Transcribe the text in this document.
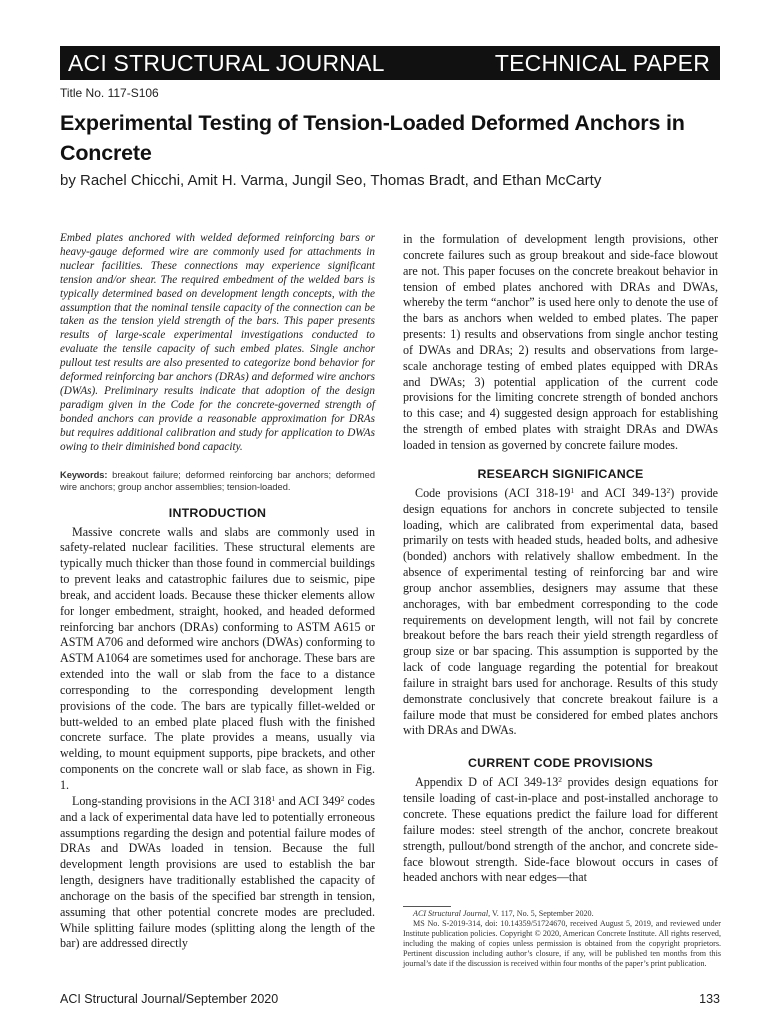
ACI STRUCTURAL JOURNAL	TECHNICAL PAPER
Title No. 117-S106
Experimental Testing of Tension-Loaded Deformed Anchors in Concrete
by Rachel Chicchi, Amit H. Varma, Jungil Seo, Thomas Bradt, and Ethan McCarty

Embed plates anchored with welded deformed reinforcing bars or heavy-gauge deformed wire are commonly used for attachments in nuclear facilities. These connections may experience significant tension and/or shear. The required embedment of the welded bars is typically determined based on development length concepts, with the assumption that the nominal tensile capacity of the connection can be taken as the tension yield strength of the bars. This paper presents results of large-scale experimental investigations conducted to evaluate the tensile capacity of such embed plates. Single anchor pullout test results are also presented to categorize bond behavior for deformed reinforcing bar anchors (DRAs) and deformed wire anchors (DWAs). Preliminary results indicate that adoption of the design paradigm given in the Code for the concrete-governed strength of bonded anchors can provide a reasonable approximation for DRAs but requires additional calibration and study for application to DWAs owing to their diminished bond capacity.

Keywords: breakout failure; deformed reinforcing bar anchors; deformed wire anchors; group anchor assemblies; tension-loaded.

INTRODUCTION

Massive concrete walls and slabs are commonly used in safety-related nuclear facilities. These structural elements are typically much thicker than those found in commercial buildings to prevent leaks and catastrophic failures due to seismic, pipe break, and accident loads. Because these thicker elements allow for longer embedment, straight, hooked, and headed deformed reinforcing bar anchors (DRAs) conforming to ASTM A615 or ASTM A706 and deformed wire anchors (DWAs) conforming to ASTM A1064 are sometimes used for anchorage. These bars are extended into the wall or slab from the face to a distance corresponding to the corresponding development length provisions of the code. The bars are typically fillet-welded or butt-welded to an embed plate placed flush with the finished concrete surface. The plate provides a means, usually via welding, to mount equipment supports, pipe brackets, and other components on the concrete wall or slab face, as shown in Fig. 1.

Long-standing provisions in the ACI $318^1$ and ACI $349^2$ codes and a lack of experimental data have led to potentially erroneous assumptions regarding the design and potential failure modes of DRAs and DWAs loaded in tension. Because the full development length provisions are used to establish the bar length, designers have traditionally established the capacity of anchorage on the basis of the specified bar strength in tension, assuming that other potential concrete modes are precluded. While splitting failure modes (splitting along the length of the bar) are addressed directly

in the formulation of development length provisions, other concrete failures such as group breakout and side-face blowout are not. This paper focuses on the concrete breakout behavior in tension of embed plates anchored with DRAs and DWAs, whereby the term “anchor” is used here only to denote the use of the bars as anchors when welded to embed plates. The paper presents: 1) results and observations from single anchor testing of DWAs and DRAs; 2) results and observations from large-scale anchorage testing of embed plates equipped with DRAs and DWAs; 3) potential application of the current code provisions for the limiting concrete strength of bonded anchors to this case; and 4) suggested design approach for establishing the strength of embed plates with straight DRAs and DWAs loaded in tension as governed by concrete failure modes.

RESEARCH SIGNIFICANCE

Code provisions (ACI $318-19^1$ and ACI $349-13^2$) provide design equations for anchors in concrete subjected to tensile loading, which are calibrated from experimental data, based primarily on tests with headed studs, headed bolts, and adhesive (bonded) anchors with relatively shallow embedment. In the absence of experimental testing of reinforcing bar and wire group anchor assemblies, designers may assume that these anchorages, with bar embedment corresponding to the code requirements on development length, will not fail by concrete breakout before the bars reach their yield strength regardless of group size or bar spacing. This assumption is supported by the lack of code language regarding the potential for breakout failure in straight bars used for anchorage. Results of this study demonstrate conclusively that concrete breakout failure is a failure mode that must be considered for embed plates anchors with DRAs and DWAs.

CURRENT CODE PROVISIONS

Appendix D of ACI $349-13^2$ provides design equations for tensile loading of cast-in-place and post-installed anchorage to concrete. These equations predict the failure load for different failure modes: steel strength of the anchor, concrete breakout strength, pullout/bond strength of the anchor, and concrete side-face blowout strength. Side-face blowout occurs in cases of headed anchors with near edges—that

ACI Structural Journal, V. 117, No. 5, September 2020.

MS No. S-2019-314, doi: 10.14359/51724670, received August 5, 2019, and reviewed under Institute publication policies. Copyright © 2020, American Concrete Institute. All rights reserved, including the making of copies unless permission is obtained from the copyright proprietors. Pertinent discussion including author’s closure, if any, will be published ten months from this journal’s date if the discussion is received within four months of the paper’s print publication.

ACI Structural Journal/September 2020	133
